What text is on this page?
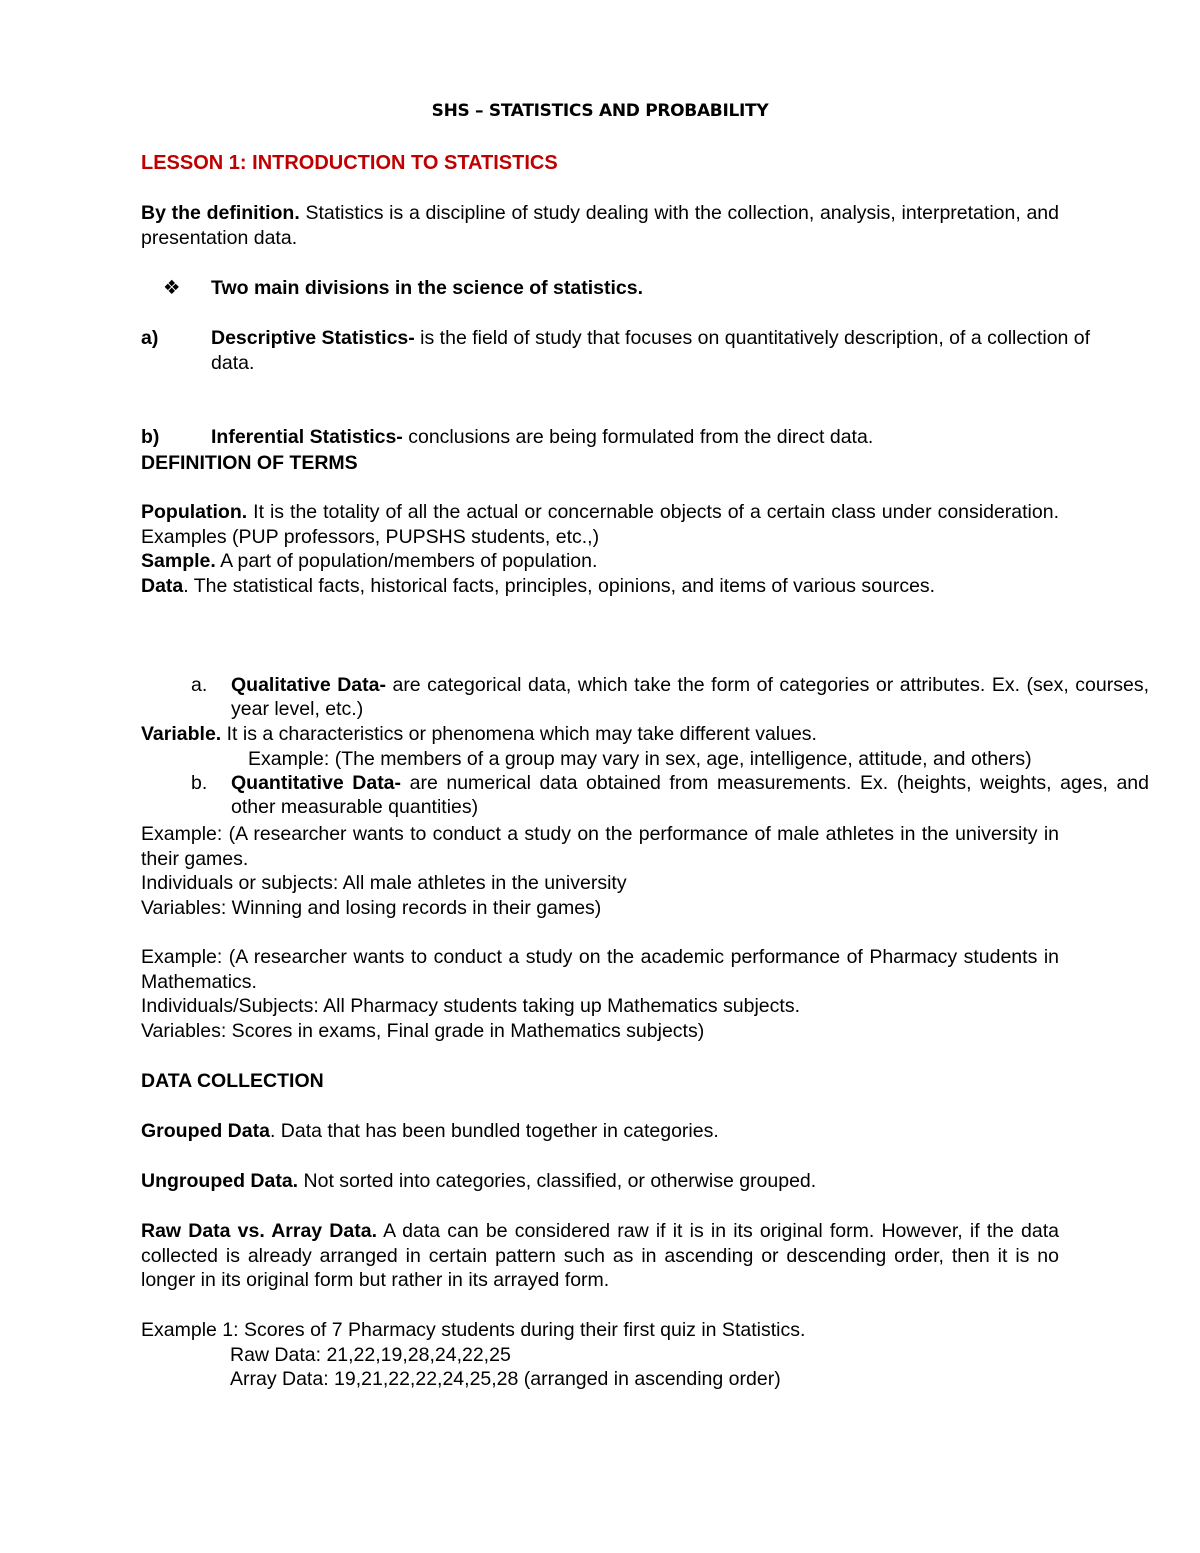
SHS – STATISTICS AND PROBABILITY
LESSON 1: INTRODUCTION TO STATISTICS
By the definition. Statistics is a discipline of study dealing with the collection, analysis, interpretation, and presentation data.
❖ Two main divisions in the science of statistics.
a)	Descriptive Statistics- is the field of study that focuses on quantitatively description, of a collection of data.
b)	Inferential Statistics- conclusions are being formulated from the direct data.
DEFINITION OF TERMS
Population. It is the totality of all the actual or concernable objects of a certain class under consideration. Examples (PUP professors, PUPSHS students, etc.,)
Sample. A part of population/members of population.
Data. The statistical facts, historical facts, principles, opinions, and items of various sources.
a.	Qualitative Data- are categorical data, which take the form of categories or attributes. Ex. (sex, courses, year level, etc.)
b.	Quantitative Data- are numerical data obtained from measurements. Ex. (heights, weights, ages, and other measurable quantities)
Variable. It is a characteristics or phenomena which may take different values.
Example: (The members of a group may vary in sex, age, intelligence, attitude, and others)
Example: (A researcher wants to conduct a study on the performance of male athletes in the university in their games.
Individuals or subjects: All male athletes in the university
Variables: Winning and losing records in their games)
Example: (A researcher wants to conduct a study on the academic performance of Pharmacy students in Mathematics.
Individuals/Subjects: All Pharmacy students taking up Mathematics subjects.
Variables: Scores in exams, Final grade in Mathematics subjects)
DATA COLLECTION
Grouped Data. Data that has been bundled together in categories.
Ungrouped Data. Not sorted into categories, classified, or otherwise grouped.
Raw Data vs. Array Data. A data can be considered raw if it is in its original form. However, if the data collected is already arranged in certain pattern such as in ascending or descending order, then it is no longer in its original form but rather in its arrayed form.
Example 1: Scores of 7 Pharmacy students during their first quiz in Statistics.
Raw Data: 21,22,19,28,24,22,25
Array Data: 19,21,22,22,24,25,28 (arranged in ascending order)
